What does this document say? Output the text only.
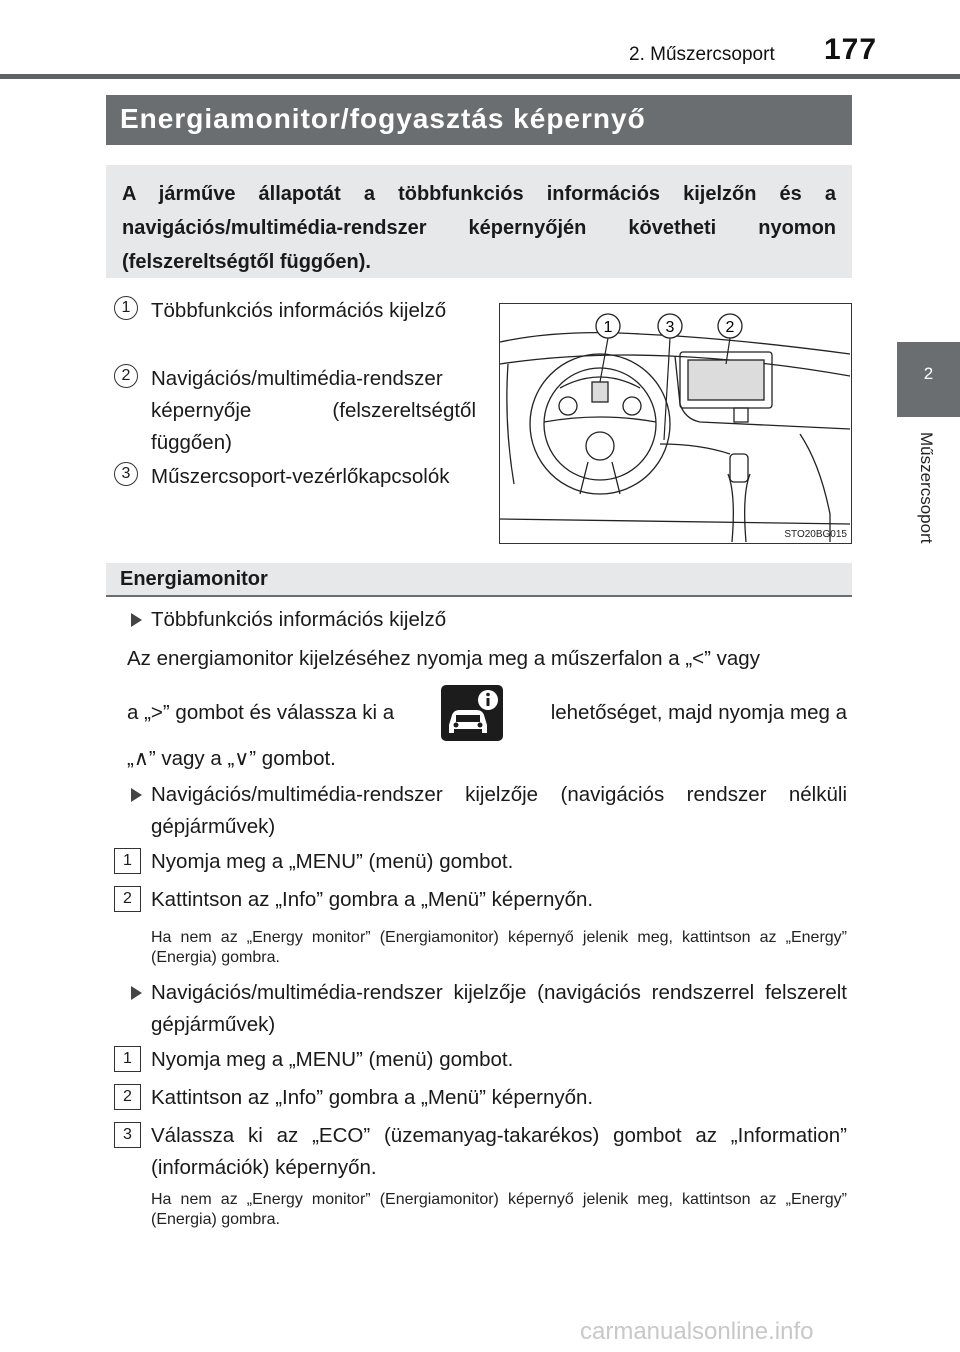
2. Műszercsoport 177
2
Műszercsoport
Energiamonitor/fogyasztás képernyő
A járműve állapotát a többfunkciós információs kijelzőn és a navigációs/multimédia-rendszer képernyőjén követheti nyomon (felszereltségtől függően).
1	Többfunkciós információs kijelző
2	Navigációs/multimédia-rendszer képernyője (felszereltségtől függően)
3	Műszercsoport-vezérlőkapcsolók
1	3	2
STO20BG015
Energiamonitor
Többfunkciós információs kijelző
Az energiamonitor kijelzéséhez nyomja meg a műszerfalon a „<” vagy
a „>” gombot és válassza ki a	lehetőséget, majd nyomja meg a
„∧” vagy a „∨” gombot.
Navigációs/multimédia-rendszer kijelzője (navigációs rendszer nélküli gépjárművek)
1 Nyomja meg a „MENU” (menü) gombot.
2 Kattintson az „Info” gombra a „Menü” képernyőn.
Ha nem az „Energy monitor” (Energiamonitor) képernyő jelenik meg, kattintson az „Energy” (Energia) gombra.
Navigációs/multimédia-rendszer kijelzője (navigációs rendszerrel felszerelt gépjárművek)
1 Nyomja meg a „MENU” (menü) gombot.
2 Kattintson az „Info” gombra a „Menü” képernyőn.
3 Válassza ki az „ECO” (üzemanyag-takarékos) gombot az „Information” (információk) képernyőn.
Ha nem az „Energy monitor” (Energiamonitor) képernyő jelenik meg, kattintson az „Energy” (Energia) gombra.
carmanualsonline.info
